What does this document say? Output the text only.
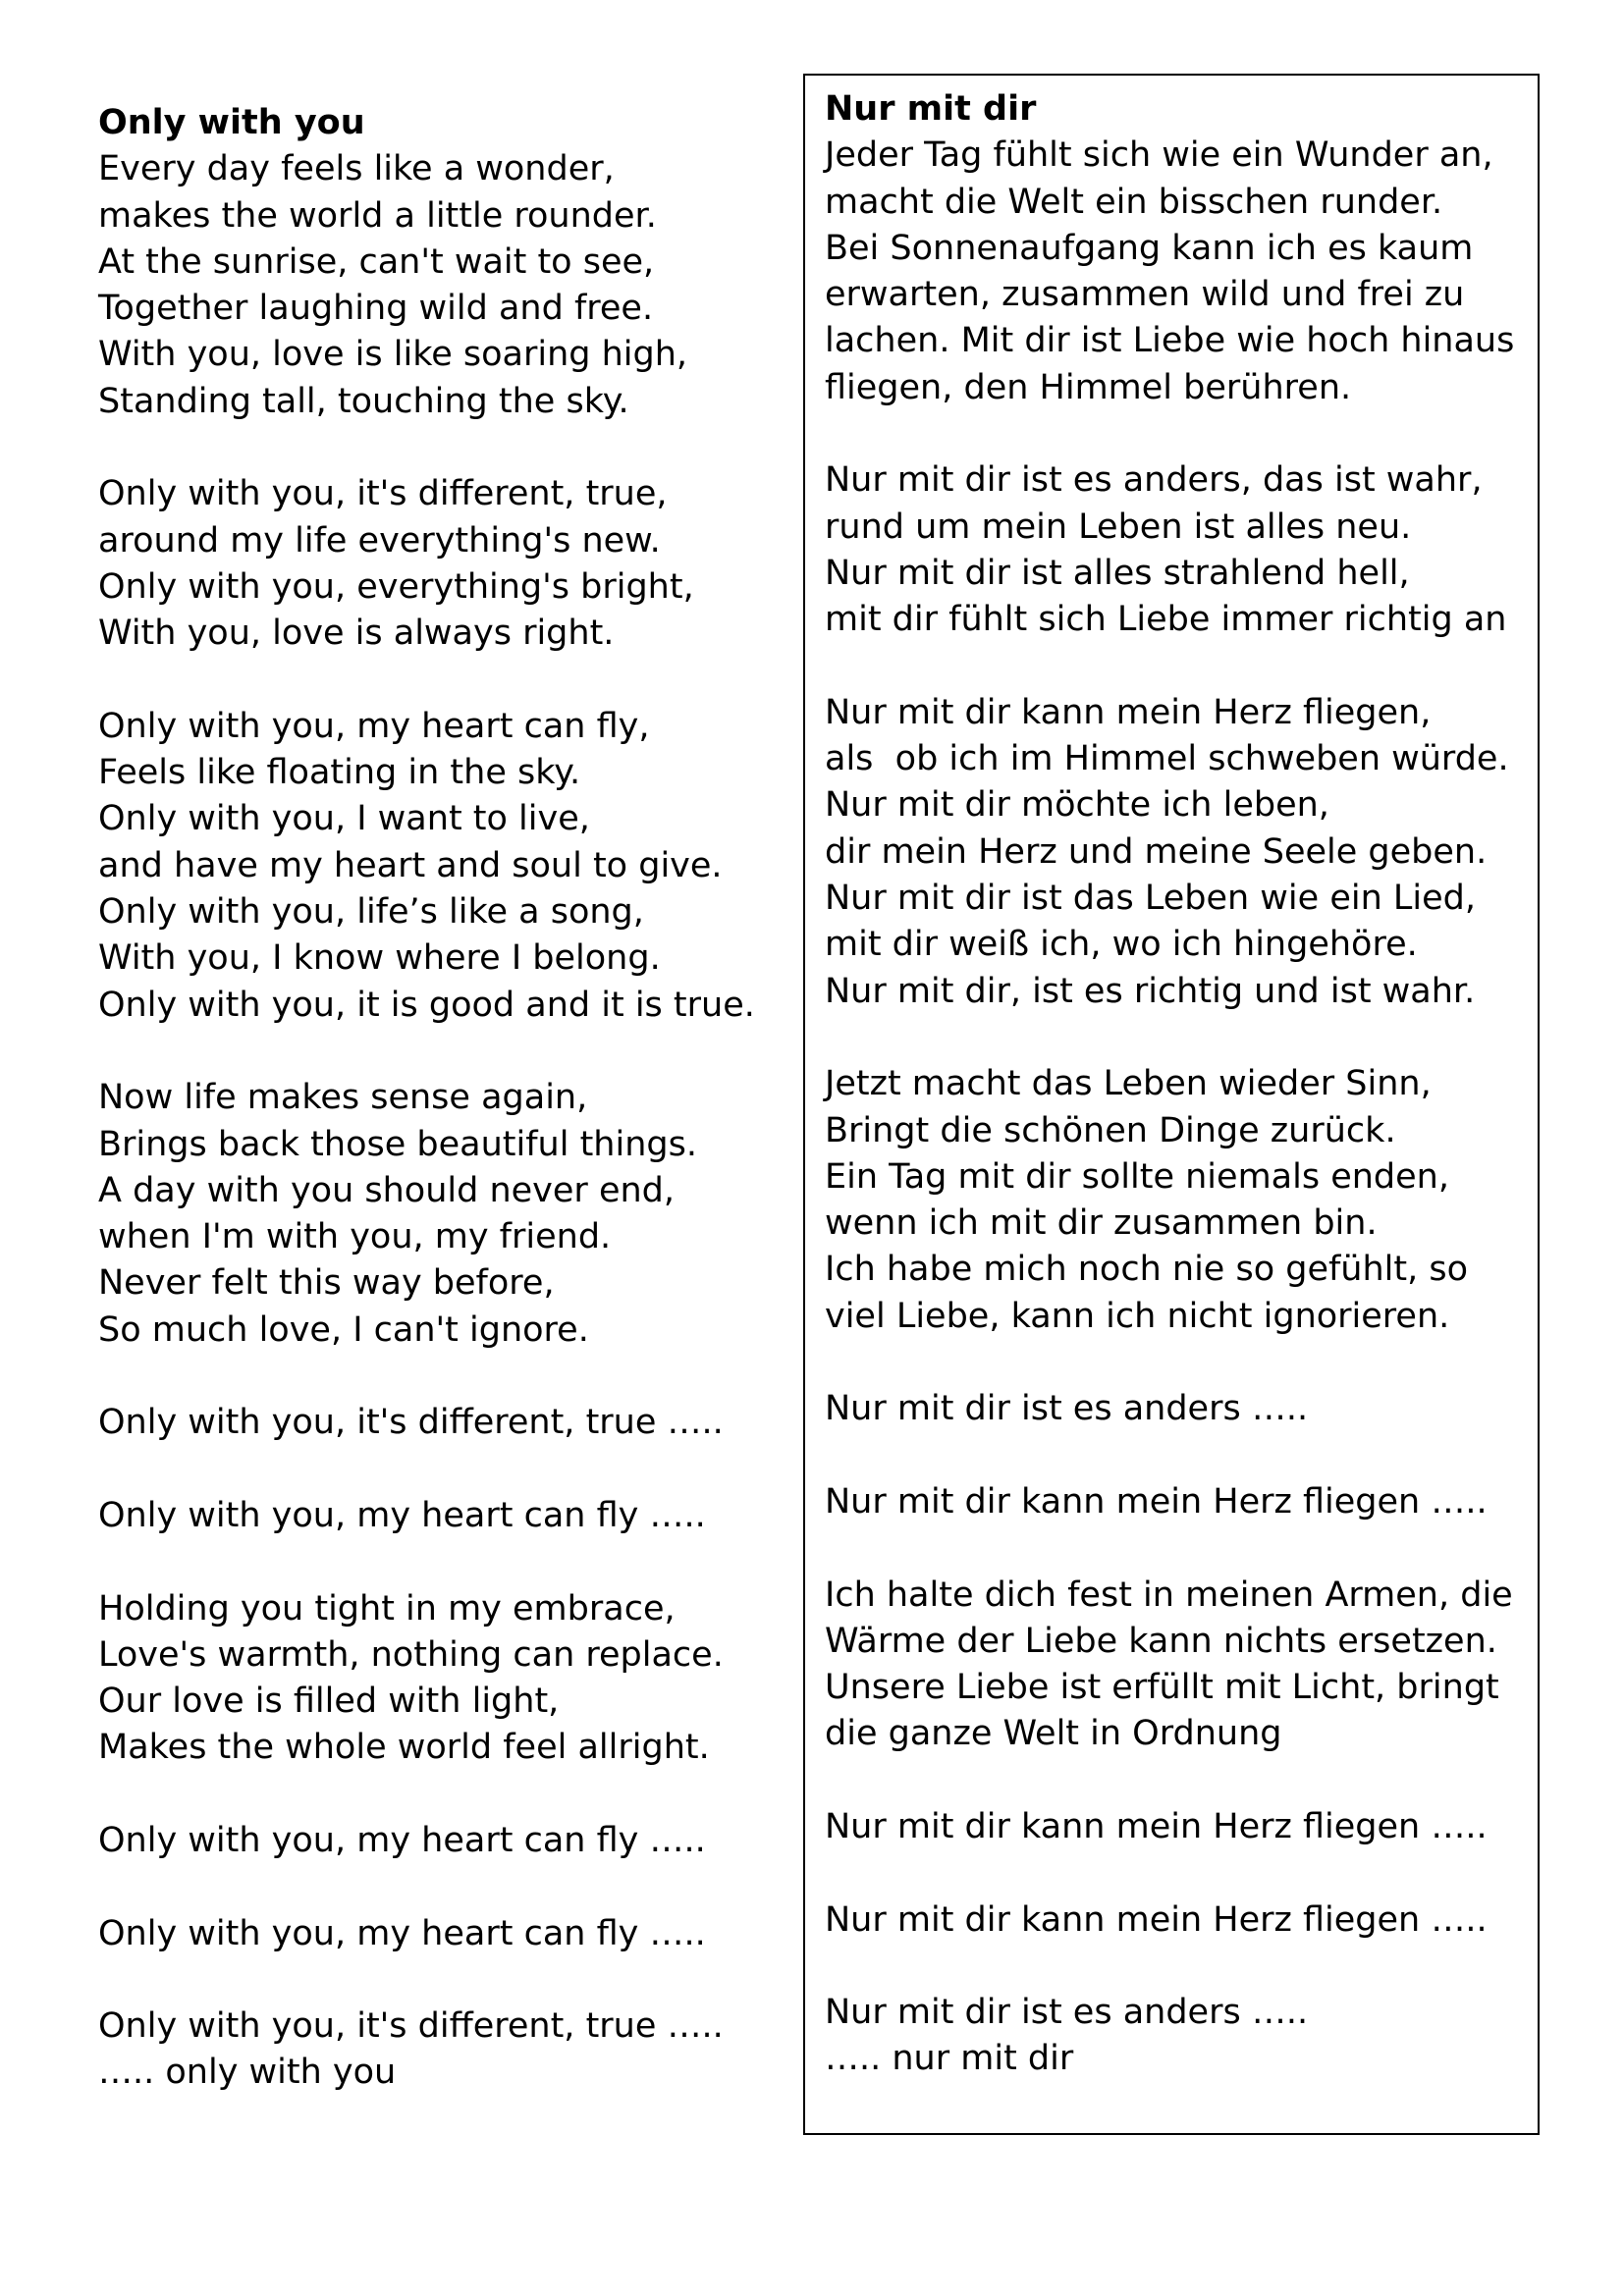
Only with you
Every day feels like a wonder,
makes the world a little rounder.
At the sunrise, can't wait to see,
Together laughing wild and free.
With you, love is like soaring high,
Standing tall, touching the sky.
Only with you, it's different, true,
around my life everything's new.
Only with you, everything's bright,
With you, love is always right.
Only with you, my heart can fly,
Feels like floating in the sky.
Only with you, I want to live,
and have my heart and soul to give.
Only with you, life’s like a song,
With you, I know where I belong.
Only with you, it is good and it is true.
Now life makes sense again,
Brings back those beautiful things.
A day with you should never end,
when I'm with you, my friend.
Never felt this way before,
So much love, I can't ignore.
Only with you, it's different, true …..
Only with you, my heart can fly …..
Holding you tight in my embrace,
Love's warmth, nothing can replace.
Our love is filled with light,
Makes the whole world feel allright.
Only with you, my heart can fly …..
Only with you, my heart can fly …..
Only with you, it's different, true …..
….. only with you
Nur mit dir
Jeder Tag fühlt sich wie ein Wunder an,
macht die Welt ein bisschen runder.
Bei Sonnenaufgang kann ich es kaum
erwarten, zusammen wild und frei zu
lachen. Mit dir ist Liebe wie hoch hinaus
fliegen, den Himmel berühren.
Nur mit dir ist es anders, das ist wahr,
rund um mein Leben ist alles neu.
Nur mit dir ist alles strahlend hell,
mit dir fühlt sich Liebe immer richtig an
Nur mit dir kann mein Herz fliegen,
als  ob ich im Himmel schweben würde.
Nur mit dir möchte ich leben,
dir mein Herz und meine Seele geben.
Nur mit dir ist das Leben wie ein Lied,
mit dir weiß ich, wo ich hingehöre.
Nur mit dir, ist es richtig und ist wahr.
Jetzt macht das Leben wieder Sinn,
Bringt die schönen Dinge zurück.
Ein Tag mit dir sollte niemals enden,
wenn ich mit dir zusammen bin.
Ich habe mich noch nie so gefühlt, so
viel Liebe, kann ich nicht ignorieren.
Nur mit dir ist es anders …..
Nur mit dir kann mein Herz fliegen …..
Ich halte dich fest in meinen Armen, die
Wärme der Liebe kann nichts ersetzen.
Unsere Liebe ist erfüllt mit Licht, bringt
die ganze Welt in Ordnung
Nur mit dir kann mein Herz fliegen …..
Nur mit dir kann mein Herz fliegen …..
Nur mit dir ist es anders …..
….. nur mit dir
